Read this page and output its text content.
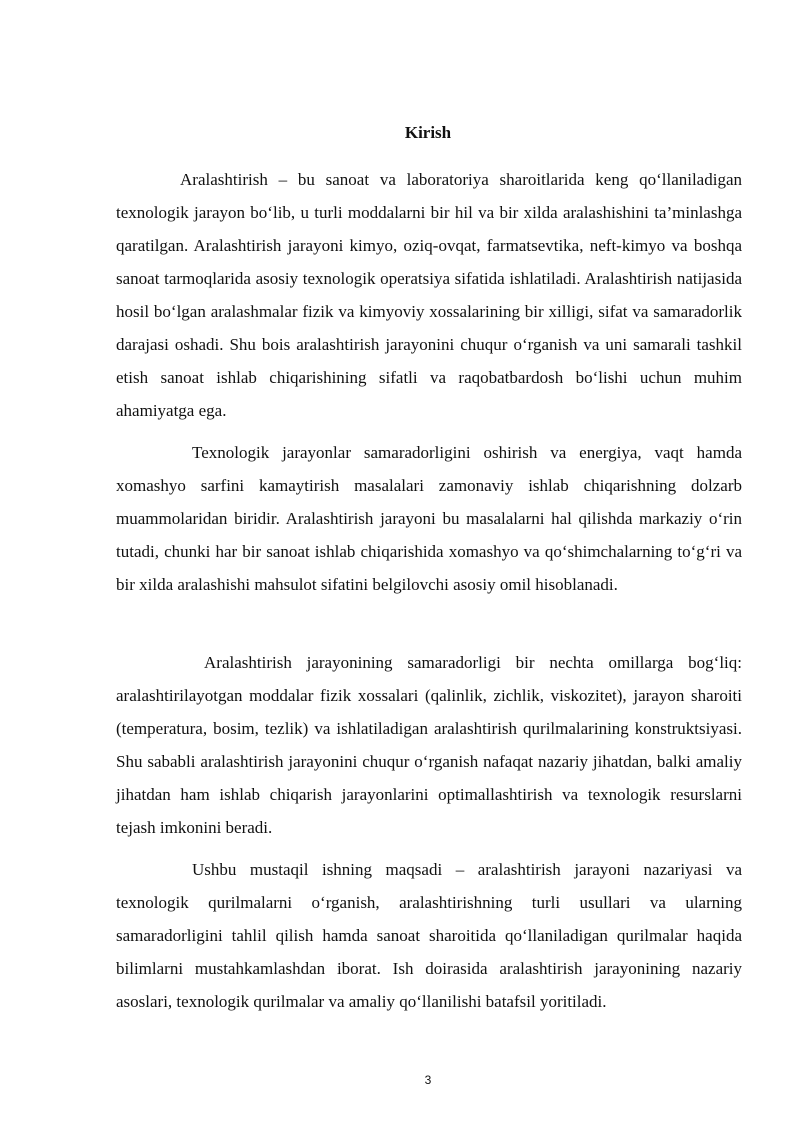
Kirish

Aralashtirish – bu sanoat va laboratoriya sharoitlarida keng qo‘llaniladigan texnologik jarayon bo‘lib, u turli moddalarni bir hil va bir xilda aralashishini ta’minlashga qaratilgan. Aralashtirish jarayoni kimyo, oziq-ovqat, farmatsevtika, neft-kimyo va boshqa sanoat tarmoqlarida asosiy texnologik operatsiya sifatida ishlatiladi. Aralashtirish natijasida hosil bo‘lgan aralashmalar fizik va kimyoviy xossalarining bir xilligi, sifat va samaradorlik darajasi oshadi. Shu bois aralashtirish jarayonini chuqur o‘rganish va uni samarali tashkil etish sanoat ishlab chiqarishining sifatli va raqobatbardosh bo‘lishi uchun muhim ahamiyatga ega.

Texnologik jarayonlar samaradorligini oshirish va energiya, vaqt hamda xomashyo sarfini kamaytirish masalalari zamonaviy ishlab chiqarishning dolzarb muammolaridan biridir. Aralashtirish jarayoni bu masalalarni hal qilishda markaziy o‘rin tutadi, chunki har bir sanoat ishlab chiqarishida xomashyo va qo‘shimchalarning to‘g‘ri va bir xilda aralashishi mahsulot sifatini belgilovchi asosiy omil hisoblanadi.

Aralashtirish jarayonining samaradorligi bir nechta omillarga bog‘liq: aralashtirilayotgan moddalar fizik xossalari (qalinlik, zichlik, viskozitet), jarayon sharoiti (temperatura, bosim, tezlik) va ishlatiladigan aralashtirish qurilmalarining konstruktsiyasi. Shu sababli aralashtirish jarayonini chuqur o‘rganish nafaqat nazariy jihatdan, balki amaliy jihatdan ham ishlab chiqarish jarayonlarini optimallashtirish va texnologik resurslarni tejash imkonini beradi.

Ushbu mustaqil ishning maqsadi – aralashtirish jarayoni nazariyasi va texnologik qurilmalarni o‘rganish, aralashtirishning turli usullari va ularning samaradorligini tahlil qilish hamda sanoat sharoitida qo‘llaniladigan qurilmalar haqida bilimlarni mustahkamlashdan iborat. Ish doirasida aralashtirish jarayonining nazariy asoslari, texnologik qurilmalar va amaliy qo‘llanilishi batafsil yoritiladi.

3
